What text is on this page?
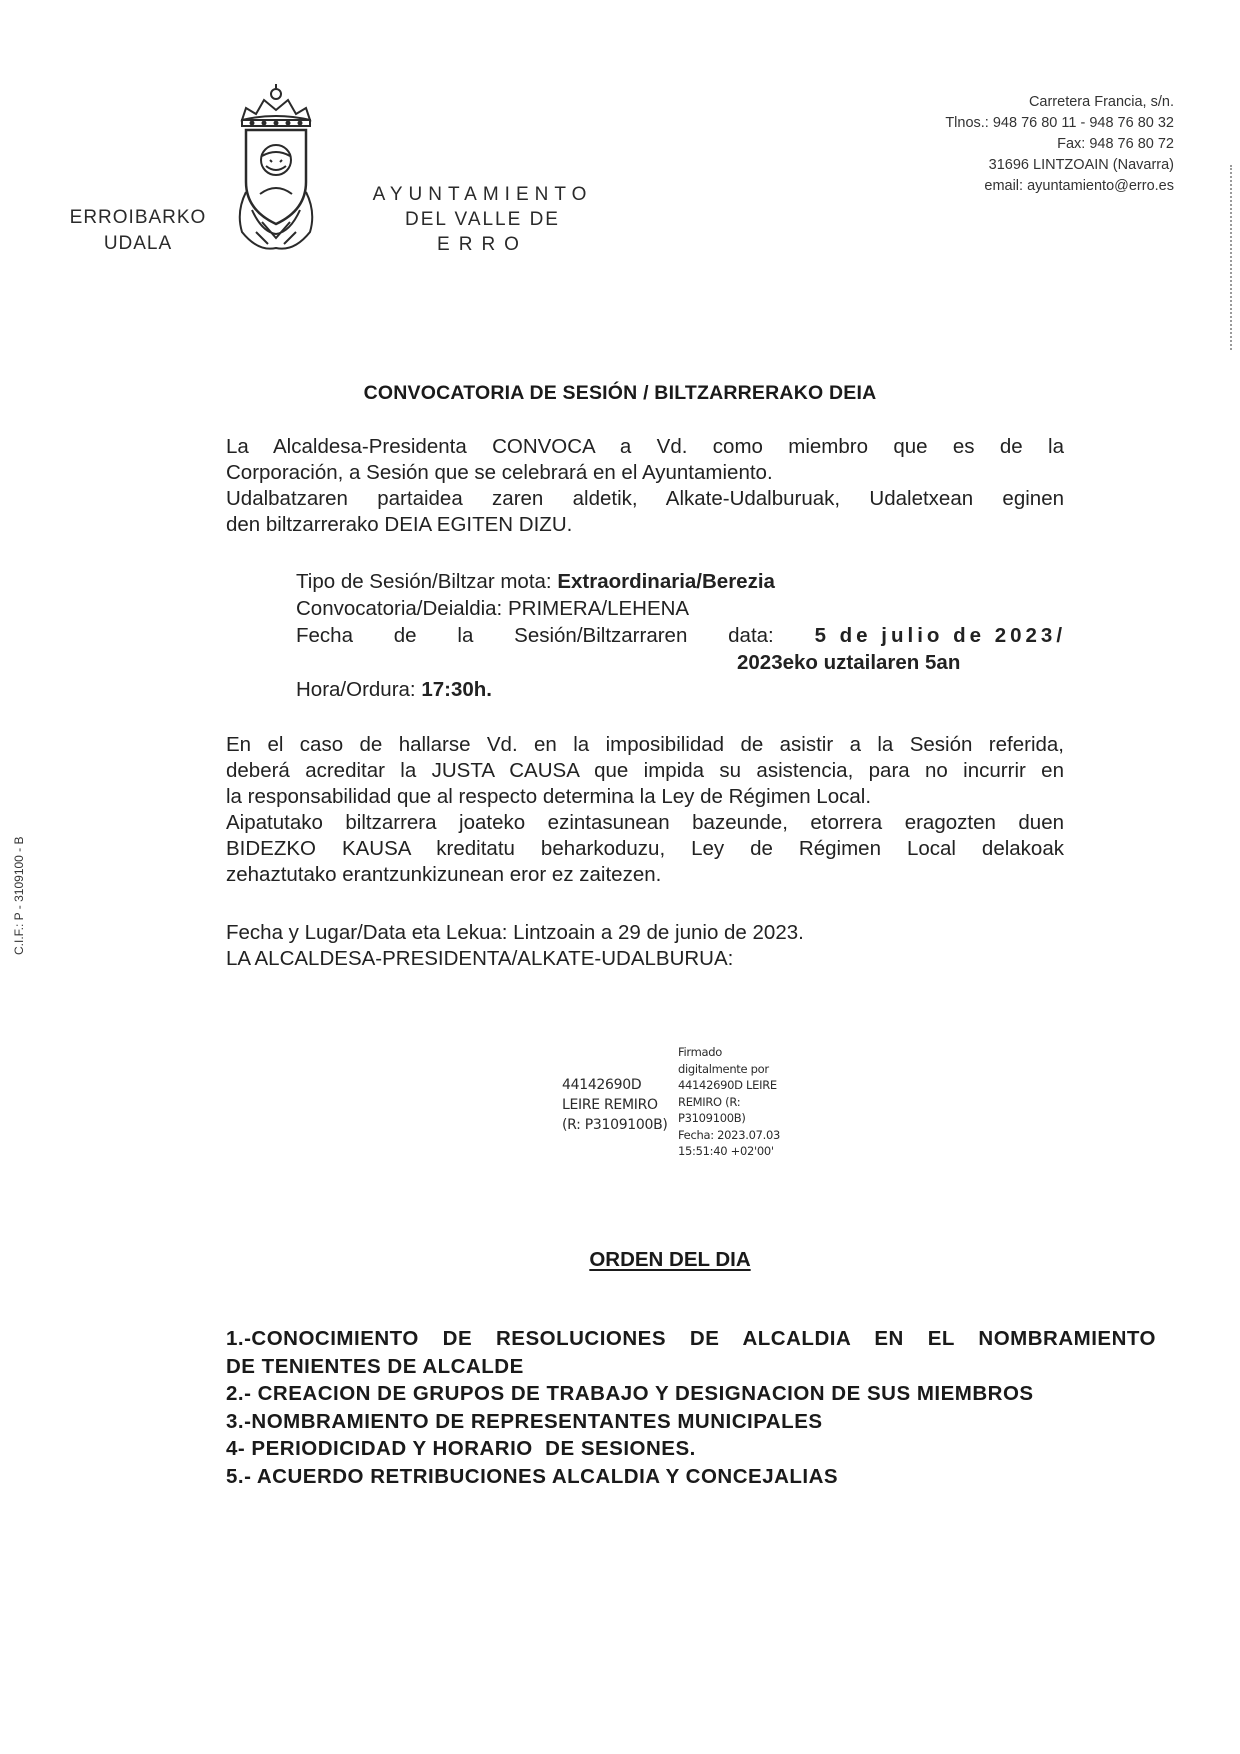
ERROIBARKO
UDALA
AYUNTAMIENTO
DEL VALLE DE
ERRO
Carretera Francia, s/n.
Tlnos.: 948 76 80 11 - 948 76 80 32
Fax: 948 76 80 72
31696 LINTZOAIN (Navarra)
email: ayuntamiento@erro.es
C.I.F.: P - 3109100 - B
CONVOCATORIA DE SESIÓN / BILTZARRERAKO DEIA
La Alcaldesa-Presidenta CONVOCA a Vd. como miembro que es de la
Corporación, a Sesión que se celebrará en el Ayuntamiento.
Udalbatzaren partaidea zaren aldetik, Alkate-Udalburuak, Udaletxean eginen
den biltzarrerako DEIA EGITEN DIZU.
Tipo de Sesión/Biltzar mota: Extraordinaria/Berezia
Convocatoria/Deialdia: PRIMERA/LEHENA
Fecha	de	la	Sesión/Biltzarraren	data:	5 de julio de 2023/
2023eko uztailaren 5an
Hora/Ordura: 17:30h.
En el caso de hallarse Vd. en la imposibilidad de asistir a la Sesión referida,
deberá acreditar la JUSTA CAUSA que impida su asistencia, para no incurrir en
la responsabilidad que al respecto determina la Ley de Régimen Local.
Aipatutako biltzarrera joateko ezintasunean bazeunde, etorrera eragozten duen
BIDEZKO KAUSA kreditatu beharkoduzu, Ley de Régimen Local delakoak
zehaztutako erantzunkizunean eror ez zaitezen.
Fecha y Lugar/Data eta Lekua: Lintzoain a 29 de junio de 2023.
LA ALCALDESA-PRESIDENTA/ALKATE-UDALBURUA:
44142690D
LEIRE REMIRO
(R: P3109100B)
Firmado
digitalmente por
44142690D LEIRE
REMIRO (R:
P3109100B)
Fecha: 2023.07.03
15:51:40 +02'00'
ORDEN DEL DIA
1.-CONOCIMIENTO DE RESOLUCIONES DE ALCALDIA EN EL NOMBRAMIENTO
DE TENIENTES DE ALCALDE
2.- CREACION DE GRUPOS DE TRABAJO Y DESIGNACION DE SUS MIEMBROS
3.-NOMBRAMIENTO DE REPRESENTANTES MUNICIPALES
4- PERIODICIDAD Y HORARIO  DE SESIONES.
5.- ACUERDO RETRIBUCIONES ALCALDIA Y CONCEJALIAS
